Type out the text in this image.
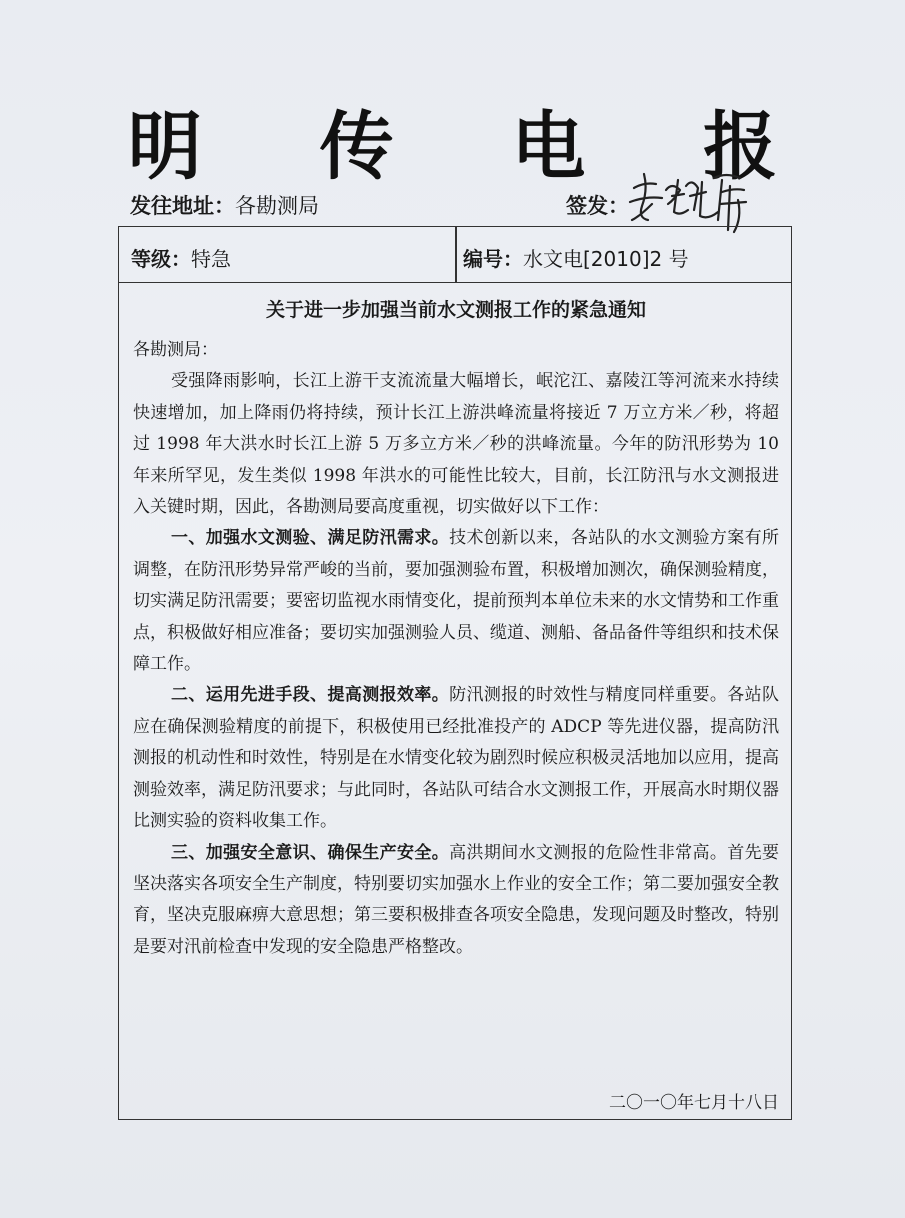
明 传 电 报
发往地址：各勘测局	签发：
等级：特急	编号：水文电[2010]2 号
关于进一步加强当前水文测报工作的紧急通知

各勘测局：

受强降雨影响，长江上游干支流流量大幅增长，岷沱江、嘉陵江等河流来水持续快速增加，加上降雨仍将持续，预计长江上游洪峰流量将接近 7 万立方米／秒，将超过 1998 年大洪水时长江上游 5 万多立方米／秒的洪峰流量。今年的防汛形势为 10 年来所罕见，发生类似 1998 年洪水的可能性比较大，目前，长江防汛与水文测报进入关键时期，因此，各勘测局要高度重视，切实做好以下工作：

一、加强水文测验、满足防汛需求。技术创新以来，各站队的水文测验方案有所调整，在防汛形势异常严峻的当前，要加强测验布置，积极增加测次，确保测验精度，切实满足防汛需要；要密切监视水雨情变化，提前预判本单位未来的水文情势和工作重点，积极做好相应准备；要切实加强测验人员、缆道、测船、备品备件等组织和技术保障工作。

二、运用先进手段、提高测报效率。防汛测报的时效性与精度同样重要。各站队应在确保测验精度的前提下，积极使用已经批准投产的 ADCP 等先进仪器，提高防汛测报的机动性和时效性，特别是在水情变化较为剧烈时候应积极灵活地加以应用，提高测验效率，满足防汛要求；与此同时，各站队可结合水文测报工作，开展高水时期仪器比测实验的资料收集工作。

三、加强安全意识、确保生产安全。高洪期间水文测报的危险性非常高。首先要坚决落实各项安全生产制度，特别要切实加强水上作业的安全工作；第二要加强安全教育，坚决克服麻痹大意思想；第三要积极排查各项安全隐患，发现问题及时整改，特别是要对汛前检查中发现的安全隐患严格整改。

二〇一〇年七月十八日
